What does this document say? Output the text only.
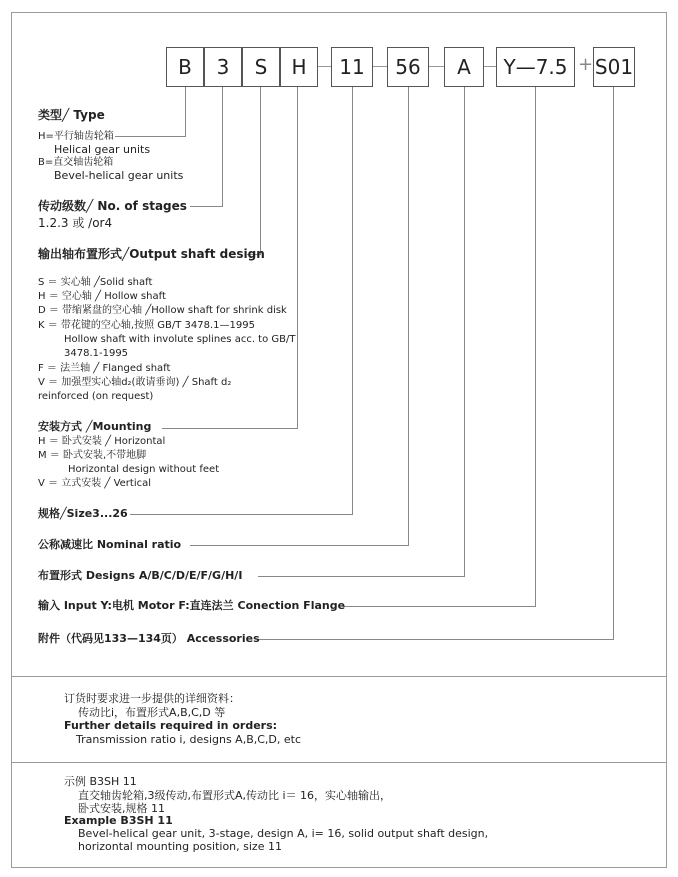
B	3	S	H	11	56	A	Y—7.5 + S01
类型╱ Type
H=平行轴齿轮箱
Helical gear units
B=直交轴齿轮箱
Bevel-helical gear units
传动级数╱ No. of stages
1.2.3 或 /or4
输出轴布置形式╱Output shaft design
S ＝ 实心轴 ╱Solid shaft
H ＝ 空心轴 ╱ Hollow shaft
D ＝ 带缩紧盘的空心轴 ╱Hollow shaft for shrink disk
K ＝ 带花键的空心轴,按照 GB/T 3478.1—1995
Hollow shaft with involute splines acc. to GB/T
3478.1-1995
F ＝ 法兰轴 ╱ Flanged shaft
V ＝ 加强型实心轴d₂(敢请垂询) ╱ Shaft d₂
reinforced (on request)
安装方式 ╱Mounting
H ＝ 卧式安装 ╱ Horizontal
M ＝ 卧式安装,不带地脚
Horizontal design without feet
V ＝ 立式安装 ╱ Vertical
规格╱Size3...26
公称减速比 Nominal ratio
布置形式 Designs A/B/C/D/E/F/G/H/I
输入 Input Y:电机 Motor F:直连法兰 Conection Flange
附件（代码见133—134页） Accessories
订货时要求进一步提供的详细资料：
传动比i，布置形式A,B,C,D 等
Further details required in orders:
Transmission ratio i, designs A,B,C,D, etc
示例 B3SH 11
直交轴齿轮箱,3级传动,布置形式A,传动比 i＝ 16，实心轴输出，
卧式安装,规格 11
Example B3SH 11
Bevel-helical gear unit, 3-stage, design A, i= 16, solid output shaft design,
horizontal mounting position, size 11
